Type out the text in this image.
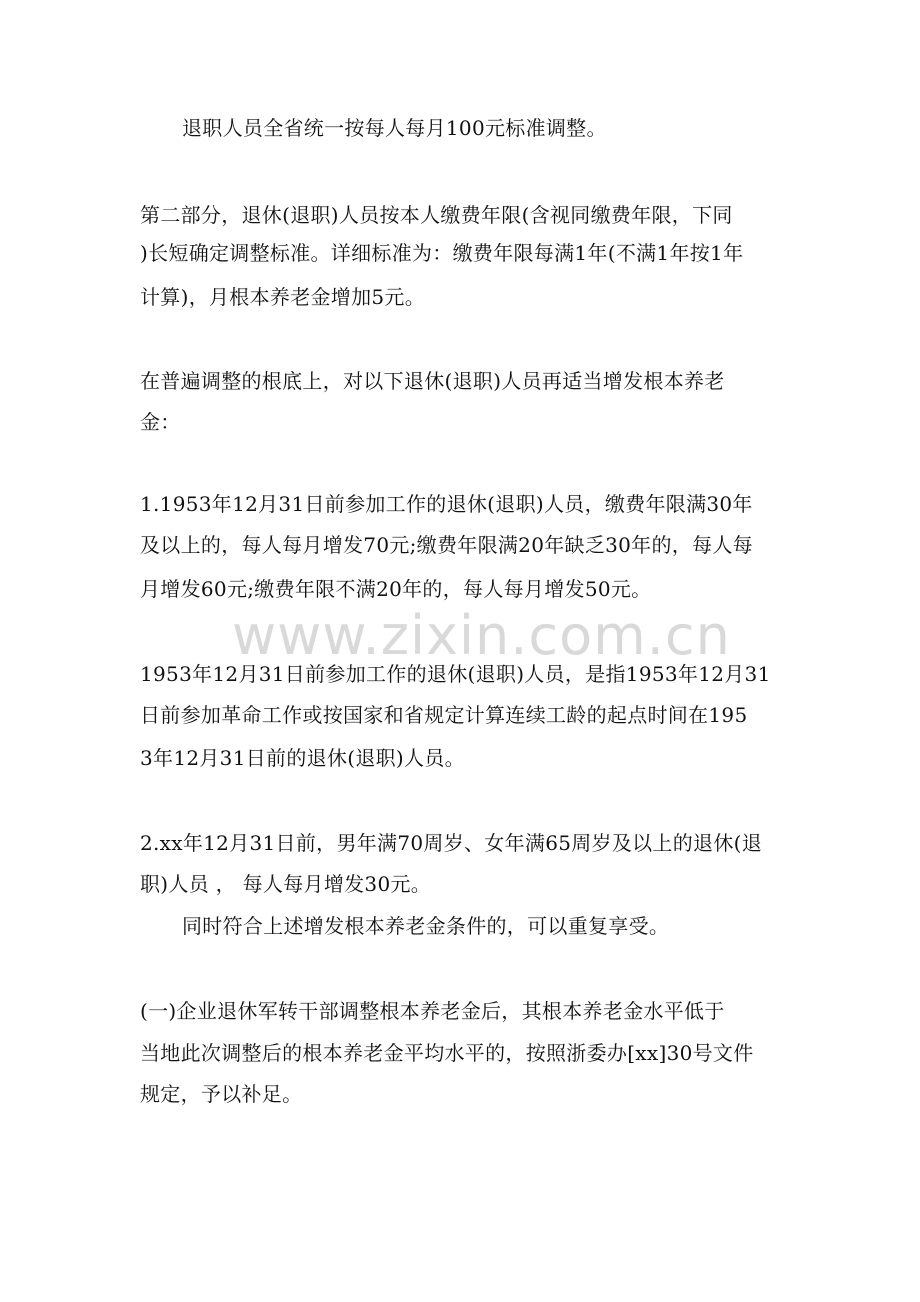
www.zixin.com.cn
退职人员全省统一按每人每月100元标准调整。
第二部分，退休(退职)人员按本人缴费年限(含视同缴费年限，下同
)长短确定调整标准。详细标准为：缴费年限每满1年(不满1年按1年
计算)，月根本养老金增加5元。
在普遍调整的根底上，对以下退休(退职)人员再适当增发根本养老
金：
1.1953年12月31日前参加工作的退休(退职)人员，缴费年限满30年
及以上的，每人每月增发70元;缴费年限满20年缺乏30年的，每人每
月增发60元;缴费年限不满20年的，每人每月增发50元。
1953年12月31日前参加工作的退休(退职)人员，是指1953年12月31
日前参加革命工作或按国家和省规定计算连续工龄的起点时间在195
3年12月31日前的退休(退职)人员。
2.xx年12月31日前，男年满70周岁、女年满65周岁及以上的退休(退
职)人员 ， 每人每月增发30元。
同时符合上述增发根本养老金条件的，可以重复享受。
(一)企业退休军转干部调整根本养老金后，其根本养老金水平低于
当地此次调整后的根本养老金平均水平的，按照浙委办[xx]30号文件
规定，予以补足。
